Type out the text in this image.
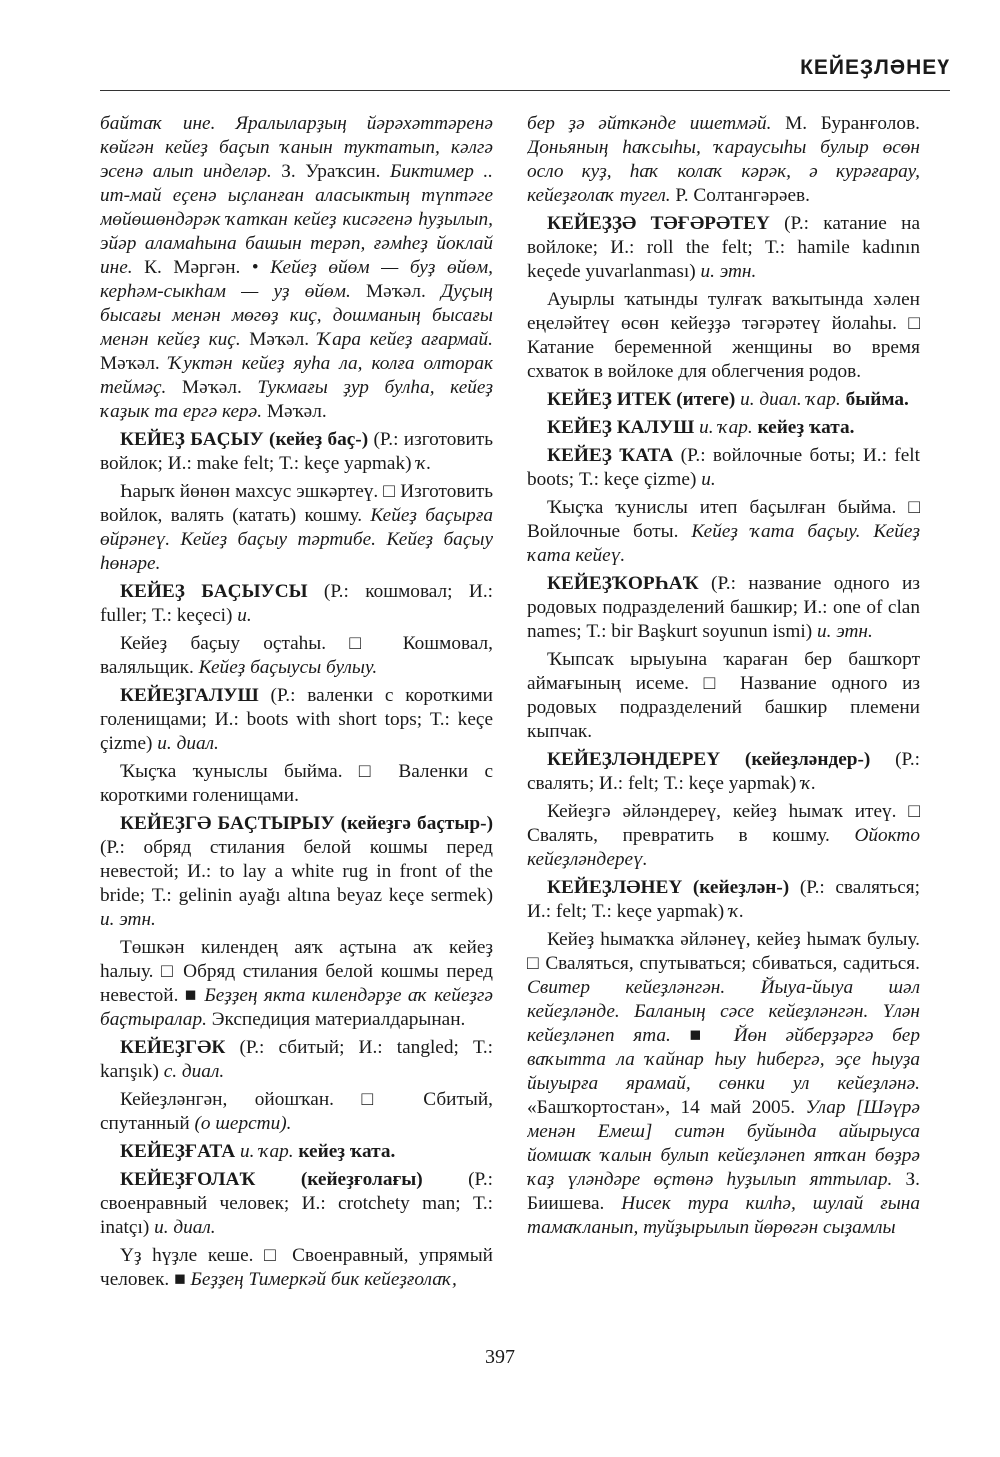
КЕЙЕҘЛӘНЕҮ

байтаҡ ине. Яралыларҙың йәрәхәттәренә көйгән кейеҙ баҫып ҡанын туктатып, кәлгә эсенә алып инделәр. З. Ураҡсин. Биктимер .. ит-май еҫенә ыҫланған аласыктың түптәге мөйөшөндәрәк ҡаткан кейеҙ кисәгенә һуҙылып, эйәр аламаһына башын терәп, ғәмһеҙ йоклай ине. К. Мәргән. • Кейеҙ өйөм — буҙ өйөм, керһәм-сыкһам — уҙ өйөм. Мәҡәл. Дуҫың бысағы менән мөгөҙ киҫ, дошманың бысағы менән кейеҙ киҫ. Мәҡәл. Ҡара кейеҙ ағармай. Мәҡәл. Ҡуктән кейеҙ яуһа ла, колға олторак теймәҫ. Мәҡәл. Тукмағы ҙур булһа, кейеҙ ҡаҙык та ергә керә. Мәҡәл.

КЕЙЕҘ БАҪЫУ (кейеҙ баҫ-) (Р.: изготовить войлок; И.: make felt; Т.: keçe yapmak) ҡ.

Һарыҡ йөнөн махсус эшкәртеү. □ Изготовить войлок, валять (катать) кошму. Кейеҙ баҫырға өйрәнеү. Кейеҙ баҫыу тәртибе. Кейеҙ баҫыу һөнәре.

КЕЙЕҘ БАҪЫУСЫ (Р.: кошмовал; И.: fuller; Т.: keçeci) и.

Кейеҙ баҫыу оҫтаһы. □ Кошмовал, валяльщик. Кейеҙ баҫыусы булыу.

КЕЙЕҘГАЛУШ (Р.: валенки с короткими голенищами; И.: boots with short tops; Т.: keçe çizme) и. диал.

Ҡыҫҡа ҡуныслы быйма. □ Валенки с короткими голенищами.

КЕЙЕҘГӘ БАҪТЫРЫУ (кейеҙгә баҫтыр-) (Р.: обряд стилания белой кошмы перед невестой; И.: to lay a white rug in front of the bride; Т.: gelinin ayağı altına beyaz keçe sermek) и. этн.

Төшкән килендең аяҡ аҫтына аҡ кейеҙ һалыу. □ Обряд стилания белой кошмы перед невестой. ■ Беҙҙең якта килендәрҙе аҡ кейеҙгә баҫтыралар. Экспедиция материалдарынан.

КЕЙЕҘГӘК (Р.: сбитый; И.: tangled; Т.: karışık) с. диал.

Кейеҙләнгән, ойошҡан. □ Сбитый, спутанный (о шерсти).

КЕЙЕҘҒАТА и. ҡар. кейеҙ ҡата.

КЕЙЕҘҒОЛАҠ (кейеҙғолағы) (Р.: своенравный человек; И.: crotchety man; Т.: inatçı) и. диал.

Үҙ һүҙле кеше. □ Своенравный, упрямый человек. ■ Беҙҙең Тимеркәй бик кейеҙғолаҡ,

бер ҙә әйткәнде ишетмәй. М. Буранғолов. Доньяның һаҡсыһы, ҡараусыһы булыр өсөн осло куҙ, һаҡ колаҡ кәрәк, ә курәғарау, кейеҙғолаҡ тугел. Р. Солтангәрәев.

КЕЙЕҘҘӘ ТӘҒӘРӘТЕҮ (Р.: катание на войлоке; И.: roll the felt; Т.: hamile kadının keçede yuvarlanması) и. этн.

Ауырлы ҡатынды тулғаҡ ваҡытында хәлен еңеләйтеү өсөн кейеҙҙә тәгәрәтеү йолаһы. □ Катание беременной женщины во время схваток в войлоке для облегчения родов.

КЕЙЕҘ ИТЕК (итеге) и. диал. ҡар. быйма.

КЕЙЕҘ КАЛУШ и. ҡар. кейеҙ ҡата.

КЕЙЕҘ ҠАТА (Р.: войлочные боты; И.: felt boots; Т.: keçe çizme) и.

Ҡыҫҡа ҡунислы итеп баҫылған быйма. □ Войлочные боты. Кейеҙ ҡата баҫыу. Кейеҙ ҡата кейеү.

КЕЙЕҘҠОРҺАҠ (Р.: название одного из родовых подразделений башкир; И.: one of clan names; Т.: bir Başkurt soyunun ismi) и. этн.

Ҡыпсаҡ ырыуына ҡараған бер башҡорт аймағының исеме. □ Название одного из родовых подразделений башкир племени кыпчак.

КЕЙЕҘЛӘНДЕРЕҮ (кейеҙләндер-) (Р.: свалять; И.: felt; Т.: keçe yapmak) ҡ.

Кейеҙгә әйләндереү, кейеҙ һымаҡ итеү. □ Свалять, превратить в кошму. Ойокто кейеҙләндереү.

КЕЙЕҘЛӘНЕҮ (кейеҙлән-) (Р.: сваляться; И.: felt; Т.: keçe yapmak) ҡ.

Кейеҙ һымаҡҡа әйләнеү, кейеҙ һымаҡ булыу. □ Сваляться, спутываться; сбиваться, садиться. Свитер кейеҙләнгән. Йыуа-йыуа шәл кейеҙләнде. Баланың сәсе кейеҙләнгән. Үлән кейеҙләнеп ята. ■ Йөн әйберҙәргә бер ваҡытта ла ҡайнар һыу һибергә, эҫе һыуҙа йыуырға ярамай, сөнки ул кейеҙләнә. «Башҡортостан», 14 май 2005. Улар [Шәүрә менән Емеш] ситән буйында айырыуса йомшаҡ ҡалын булып кейеҙләнеп ятҡан бөҙрә ҡаҙ үләндәре өҫтөнә һуҙылып яттылар. З. Биишева. Нисек тура килһә, шулай ғына тамаҡланып, туйҙырылып йөрөгән сыҙамлы

397
